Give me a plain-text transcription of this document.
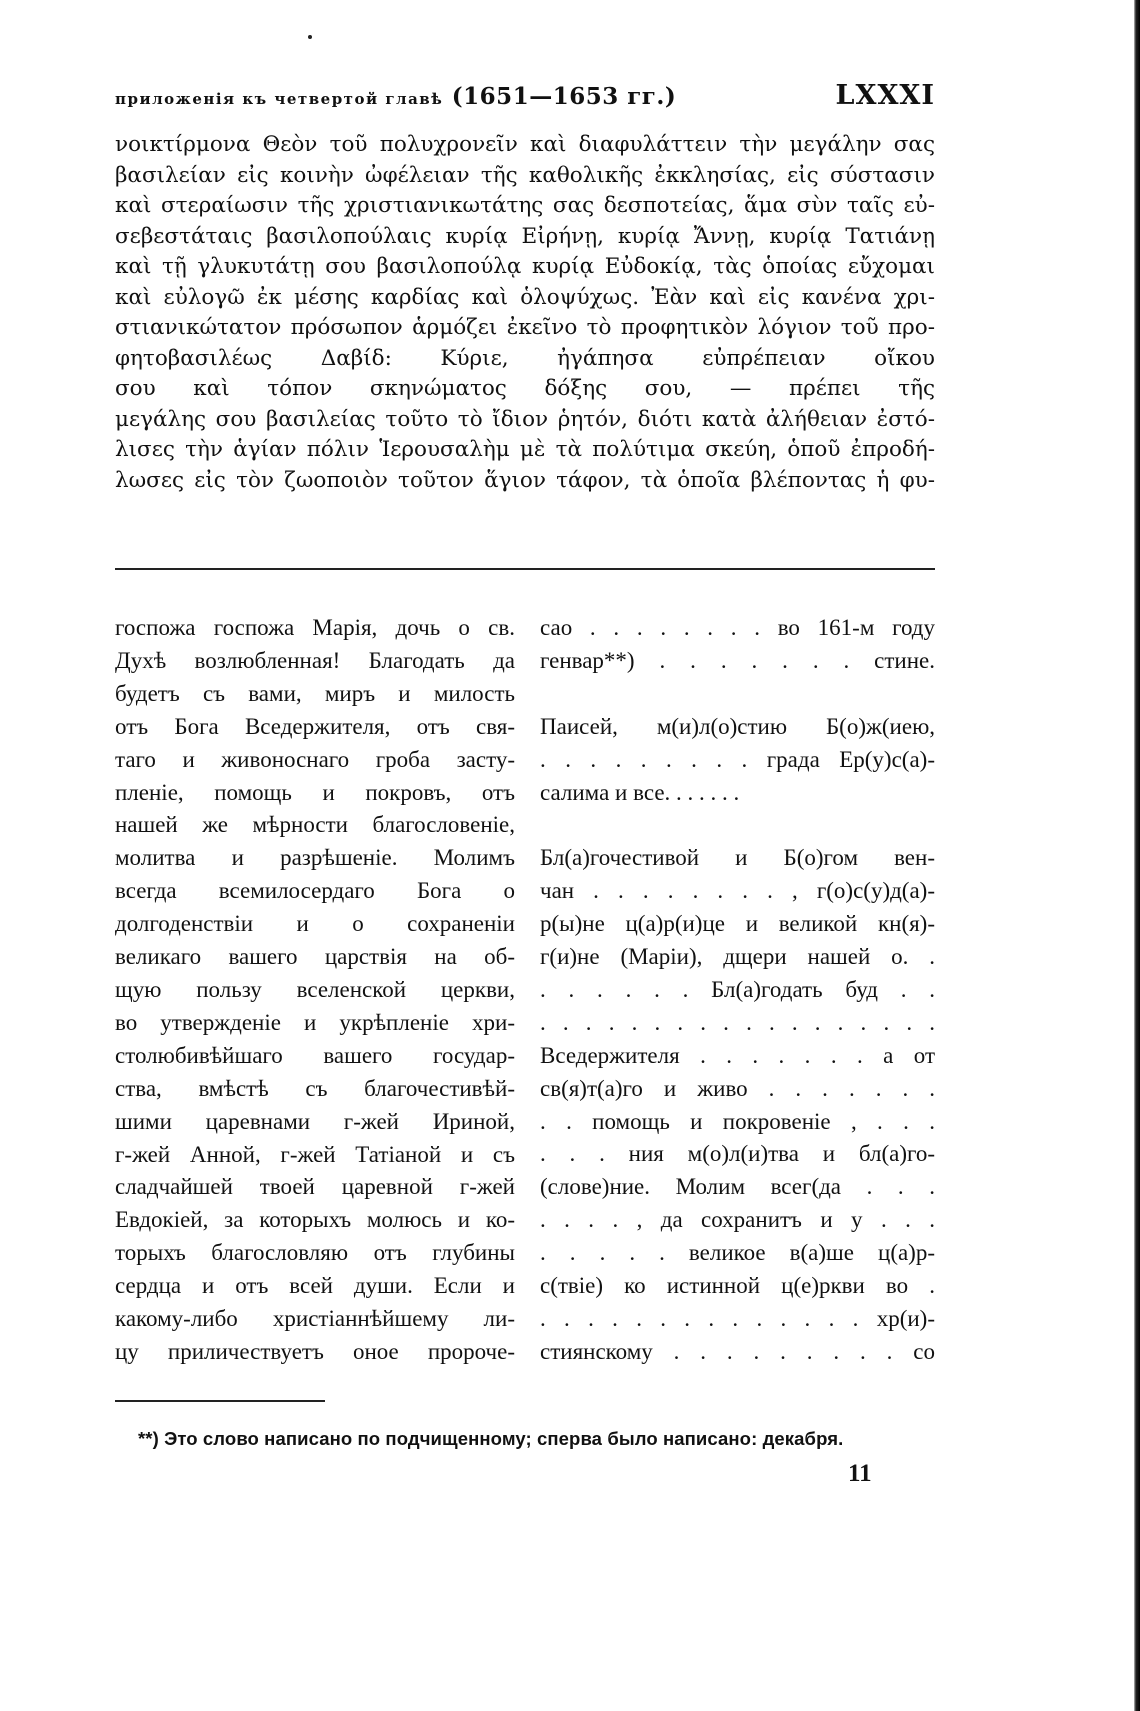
приложенія къ четвертой главѣ (1651—1653 гг.)	LXXXI

νοικτίρμονα Θεὸν τοῦ πολυχρονεῖν καὶ διαφυλάττειν τὴν μεγάλην σας

βασιλείαν εἰς κοινὴν ὠφέλειαν τῆς καθολικῆς ἐκκλησίας, εἰς σύστασιν

καὶ στεραίωσιν τῆς χριστιανικωτάτης σας δεσποτείας, ἅμα σὺν ταῖς εὐ-

σεβεστάταις βασιλοπούλαις κυρίᾳ Εἰρήνῃ, κυρίᾳ Ἄννῃ, κυρίᾳ Τατιάνῃ

καὶ τῇ γλυκυτάτῃ σου βασιλοπούλᾳ κυρίᾳ Εὐδοκίᾳ, τὰς ὁποίας εὔχομαι

καὶ εὐλογῶ ἐκ μέσης καρδίας καὶ ὁλοψύχως. Ἐὰν καὶ εἰς κανένα χρι-

στιανικώτατον πρόσωπον ἁρμόζει ἐκεῖνο τὸ προφητικὸν λόγιον τοῦ προ-

φητοβασιλέως Δαβίδ: Κύριε, ἠγάπησα εὐπρέπειαν οἴκου

σου καὶ τόπον σκηνώματος δόξης σου, — πρέπει τῆς

μεγάλης σου βασιλείας τοῦτο τὸ ἴδιον ῥητόν, διότι κατὰ ἀλήθειαν ἐστό-

λισες τὴν ἁγίαν πόλιν Ἱερουσαλὴμ μὲ τὰ πολύτιμα σκεύη, ὁποῦ ἐπροδή-

λωσες εἰς τὸν ζωοποιὸν τοῦτον ἅγιον τάφον, τὰ ὁποῖα βλέποντας ἡ φυ-

госпожа госпожа Марія, дочь о св.

Духѣ возлюбленная! Благодать да

будетъ съ вами, миръ и милость

отъ Бога Вседержителя, отъ свя-

таго и живоноснаго гроба засту-

пленіе, помощь и покровъ, отъ

нашей же мѣрности благословеніе,

молитва и разрѣшеніе. Молимъ

всегда всемилосердаго Бога о

долгоденствіи и о сохраненіи

великаго вашего царствія на об-

щую пользу вселенской церкви,

во утвержденіе и укрѣпленіе хри-

столюбивѣйшаго вашего государ-

ства, вмѣстѣ съ благочестивѣй-

шими царевнами г-жей Ириной,

г-жей Анной, г-жей Татіаной и съ

сладчайшей твоей царевной г-жей

Евдокіей, за которыхъ молюсь и ко-

торыхъ благословляю отъ глубины

сердца и отъ всей души. Если и

какому-либо христіаннѣйшему ли-

цу приличествуетъ оное пророче-

сао . . . . . . . . во 161-м году

генвар**) . . . . . . . стине.

Паисей, м(и)л(о)стию Б(о)ж(иею,

. . . . . . . . . града Ер(у)с(а)-

салима и все. . . . . . .

Бл(а)гочестивой и Б(о)гом вен-

чан . . . . . . . . , г(о)с(у)д(а)-

р(ы)не ц(а)р(и)це и великой кн(я)-

г(и)не (Маріи), дщери нашей о. .

. . . . . . Бл(а)годать буд . .

. . . . . . . . . . . . . . . . . .

Вседержителя . . . . . . . а от

св(я)т(а)го и живо . . . . . . .

. . помощь и покровеніе , . . .

. . . ния м(о)л(и)тва и бл(а)го-

(слове)ние. Молим всег(да . . .

. . . . , да сохранитъ и у . . .

. . . . . великое в(а)ше ц(а)р-

с(твіе) ко истинной ц(е)ркви во .

. . . . . . . . . . . . . . хр(и)-

стиянскому . . . . . . . . . со

**) Это слово написано по подчищенному; сперва было написано: декабря.
11
